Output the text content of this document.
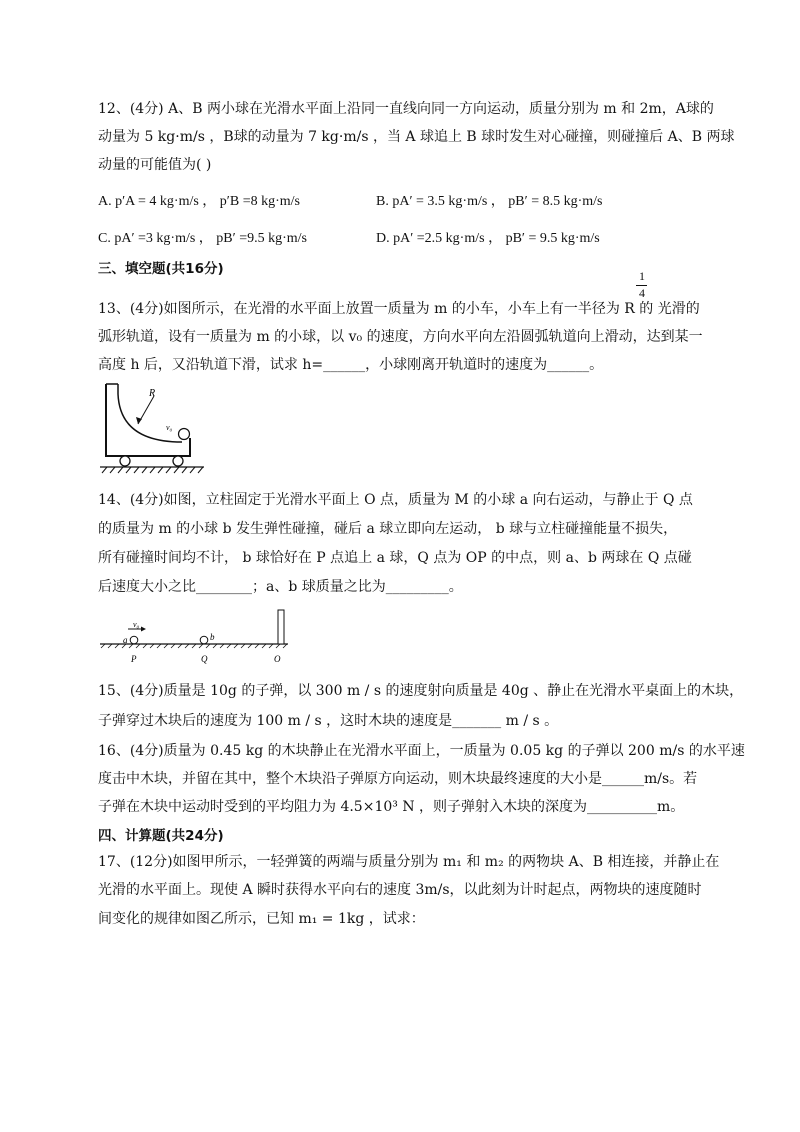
12、(4分) A、B 两小球在光滑水平面上沿同一直线向同一方向运动，质量分别为 m 和 2m，A球的
动量为 5 kg·m/s ，B球的动量为 7 kg·m/s ，当 A 球追上 B 球时发生对心碰撞，则碰撞后 A、B 两球
动量的可能值为( )
A. p′A = 4 kg·m/s ， p′B =8 kg·m/s	B. pA′ = 3.5 kg·m/s ， pB′ = 8.5 kg·m/s
C. pA′ =3 kg·m/s ， pB′ =9.5 kg·m/s	D. pA′ =2.5 kg·m/s ， pB′ = 9.5 kg·m/s
三、填空题(共16分)	1
4
13、(4分)如图所示，在光滑的水平面上放置一质量为 m 的小车，小车上有一半径为 R 的 光滑的
弧形轨道，设有一质量为 m 的小球，以 v₀ 的速度，方向水平向左沿圆弧轨道向上滑动，达到某一
高度 h 后，又沿轨道下滑，试求 h=______，小球刚离开轨道时的速度为______。
R
v₀
14、(4分)如图，立柱固定于光滑水平面上 O 点，质量为 M 的小球 a 向右运动，与静止于 Q 点
的质量为 m 的小球 b 发生弹性碰撞，碰后 a 球立即向左运动， b 球与立柱碰撞能量不损失，
所有碰撞时间均不计， b 球恰好在 P 点追上 a 球，Q 点为 OP 的中点，则 a、b 两球在 Q 点碰
后速度大小之比________；a、b 球质量之比为_________。
v₀
a	b
P	Q	O
15、(4分)质量是 10g 的子弹，以 300 m / s 的速度射向质量是 40g 、静止在光滑水平桌面上的木块，
子弹穿过木块后的速度为 100 m / s ，这时木块的速度是_______ m / s 。
16、(4分)质量为 0.45 kg 的木块静止在光滑水平面上，一质量为 0.05 kg 的子弹以 200 m/s 的水平速
度击中木块，并留在其中，整个木块沿子弹原方向运动，则木块最终速度的大小是______m/s。若
子弹在木块中运动时受到的平均阻力为 4.5×10³ N ，则子弹射入木块的深度为__________m。
四、计算题(共24分)
17、(12分)如图甲所示，一轻弹簧的两端与质量分别为 m₁ 和 m₂ 的两物块 A、B 相连接，并静止在
光滑的水平面上。现使 A 瞬时获得水平向右的速度 3m/s，以此刻为计时起点，两物块的速度随时
间变化的规律如图乙所示，已知 m₁ = 1kg ，试求：
